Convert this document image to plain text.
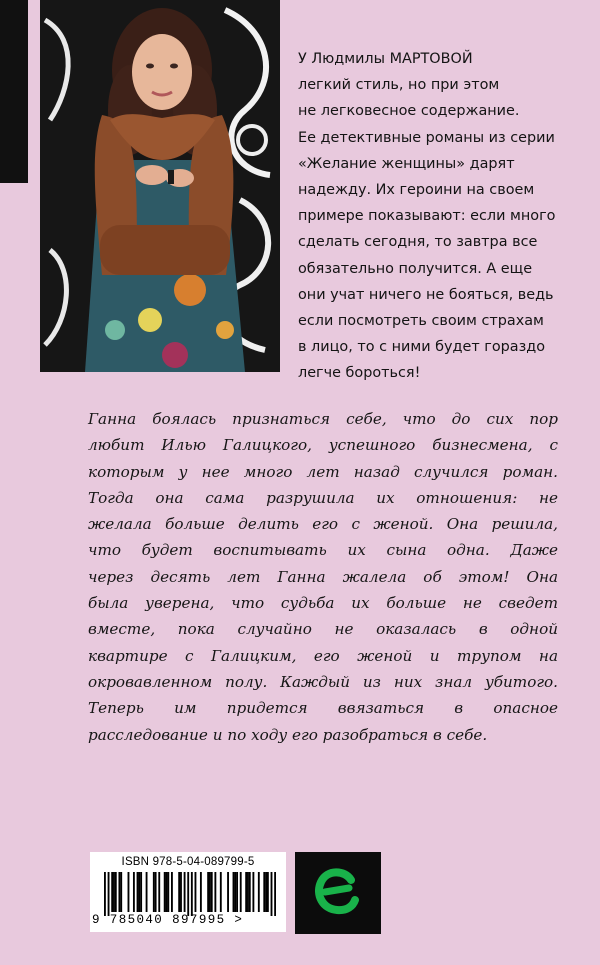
У Людмилы МАРТОВОЙ
легкий стиль, но при этом
не легковесное содержание.
Ее детективные романы из серии
«Желание женщины» дарят
надежду. Их героини на своем
примере показывают: если много
сделать сегодня, то завтра все
обязательно получится. А еще
они учат ничего не бояться, ведь
если посмотреть своим страхам
в лицо, то с ними будет гораздо
легче бороться!
Ганна боялась признаться себе, что до сих пор
любит Илью Галицкого, успешного бизнесмена, с
которым у нее много лет назад случился роман.
Тогда она сама разрушила их отношения: не
желала больше делить его с женой. Она решила,
что будет воспитывать их сына одна. Даже
через десять лет Ганна жалела об этом! Она
была уверена, что судьба их больше не сведет
вместе, пока случайно не оказалась в одной
квартире с Галицким, его женой и трупом на
окровавленном полу. Каждый из них знал убитого.
Теперь им придется ввязаться в опасное
расследование и по ходу его разобраться в себе.
ISBN 978-5-04-089799-5
9 785040 897995 >
